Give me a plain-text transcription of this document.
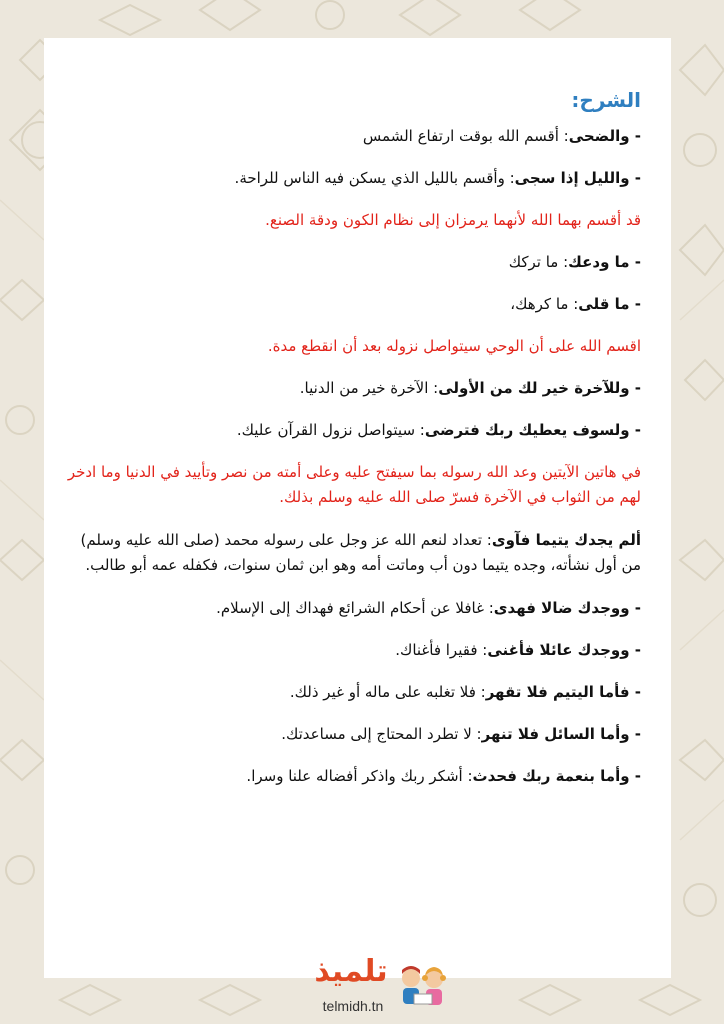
الشرح:

- والضحى: أقسم الله بوقت ارتفاع الشمس

- والليل إذا سجى: وأقسم بالليل الذي يسكن فيه الناس للراحة.

قد أقسم بهما الله لأنهما يرمزان إلى نظام الكون ودقة الصنع.

- ما ودعك: ما تركك

- ما قلى: ما كرهك،

اقسم الله على أن الوحي سيتواصل نزوله بعد أن انقطع مدة.

- وللآخرة خير لك من الأولى: الآخرة خير من الدنيا.

- ولسوف يعطيك ربك فترضى: سيتواصل نزول القرآن عليك.

في هاتين الآيتين وعد الله رسوله بما سيفتح عليه وعلى أمته من نصر وتأييد في الدنيا وما ادخر لهم من الثواب في الآخرة فسرّ صلى الله عليه وسلم بذلك.

ألم يجدك يتيما فآوى: تعداد لنعم الله عز وجل على رسوله محمد (صلى الله عليه وسلم) من أول نشأته، وجده يتيما دون أب وماتت أمه وهو ابن ثمان سنوات، فكفله عمه أبو طالب.

- ووجدك ضالا فهدى: غافلا عن أحكام الشرائع فهداك إلى الإسلام.

- ووجدك عائلا فأغنى: فقيرا فأغناك.

- فأما اليتيم فلا تقهر: فلا تغلبه على ماله أو غير ذلك.

- وأما السائل فلا تنهر: لا تطرد المحتاج إلى مساعدتك.

- وأما بنعمة ربك فحدث: أشكر ربك واذكر أفضاله علنا وسرا.

تلميذ
telmidh.tn
